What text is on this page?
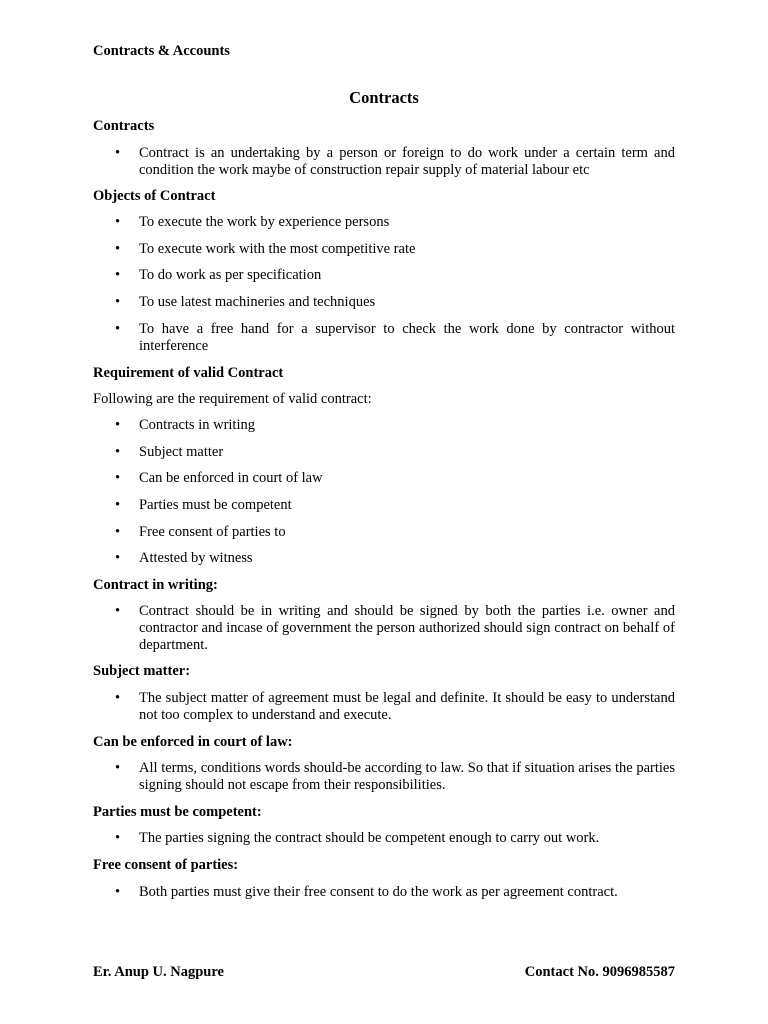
Contracts & Accounts
Contracts
Contracts
• Contract is an undertaking by a person or foreign to do work under a certain term and condition the work maybe of construction repair supply of material labour etc
Objects of Contract
• To execute the work by experience persons
• To execute work with the most competitive rate
• To do work as per specification
• To use latest machineries and techniques
• To have a free hand for a supervisor to check the work done by contractor without interference
Requirement of valid Contract
Following are the requirement of valid contract:
• Contracts in writing
• Subject matter
• Can be enforced in court of law
• Parties must be competent
• Free consent of parties to
• Attested by witness
Contract in writing:
• Contract should be in writing and should be signed by both the parties i.e. owner and contractor and incase of government the person authorized should sign contract on behalf of department.
Subject matter:
• The subject matter of agreement must be legal and definite. It should be easy to understand not too complex to understand and execute.
Can be enforced in court of law:
• All terms, conditions words should-be according to law. So that if situation arises the parties signing should not escape from their responsibilities.
Parties must be competent:
• The parties signing the contract should be competent enough to carry out work.
Free consent of parties:
• Both parties must give their free consent to do the work as per agreement contract.
Er. Anup U. Nagpure	Contact No. 9096985587
